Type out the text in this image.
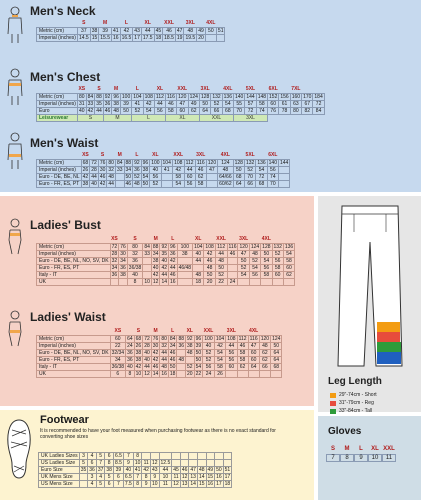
Men's Neck
	S		M		L		XL		XXL		3XL		4XL	
Metric (cm)	37	38	39	41	42	43	44	45	46	47	48	49	50	51
Imperial (inches)	14.5	15	15.5	16	16.5	17	17.5	18	18.5	19	19.5	20		
Men's Chest
	XS		S		M		L		XL		XXL		3XL		4XL		5XL		6XL		7XL		
Metric (cm)	80	84	88	92	96	100	104	108	112	116	120	124	128	132	136	140	144	148	152	156	160	170	184
Imperial (inches)	31	33	35	36	38	39	41	42	44	46	47	49	50	52	54	55	57	58	60	61	63	67	72
Euro	40	42	44	46	48	50	52	54	56	58	60	62	64	66	68	70	72	74	76	78	80	82	84
Leisurewear	S			M			L			XL			XXL			3XL							
Men's Waist
	XS		S		M		L		XL		XXL		3XL		4XL		5XL		6XL	
Metric (cm)	68	72	76	80	84	88	92	96	100	104	108	112	116	120	124	128	132	136	140	144
Imperial (inches)	26	28	30	32	33	34	36	38	40	41	42	44	46	47	48	50	52	54	56	
Euro - DE, BE, NL	42	44	46	48		50	52	54	56		58	60	62		64/66	68	70	72	74	
Euro - FR, ES, PT	38	40	42	44		46	48	50	52		54	56	58		60/62	64	66	68	70	
Ladies' Bust
	XS		S		M		L		XL		XXL		3XL		4XL		
Metric (cm)	72	76	80	84	88	92	96	100	104	108	112	116	120	124	128	132	136
Imperial (inches)	28	30	32	33	34	35	36	38	40	42	44	46	47	48	50	52	54
Euro - DE, BE, NL, NO, SV, DK	32	34	36		38	40	42		44	46	48		50	52	54	56	58
Euro - FR, ES, PT	34	36	36/38		40	42	44	46/48		48	50		52	54	56	58	60
Italy - IT	36	38	40		42	44	46		48	50	52		54	56	58	60	62
UK			8	10	12	14	16		18	20	22	24					
Ladies' Waist
	XS		S		M		L		XL		XXL		3XL		4XL		
Metric (cm)	60	64	68	72	76	80	84	88	92	96	100	104	108	112	116	120	124
Imperial (inches)	22	24	26	28	30	32	34	36	38	39	40	42	44	46	47	48	50
Euro - DE, BE, NL, NO, SV, DK	32/34	36	38	40	42	44	46		48	50	52	54	56	58	60	62	64
Euro - FR, ES, PT	34	36	38	40	42	44	46	48		50	52	54	56	58	60	62	64
Italy - IT	36/38	40	42	44	46	48	50		52	54	56	58	60	62	64	66	68
UK	6	8	10	12	14	16	18		20	22	24	26					
Footwear
It is recommended to have your foot measured when purchasing footwear as there is no exact standard for converting shoe sizes
UK Ladies Sizes	3	4	5	6	6.5	7	8										
US Ladies Size	5	6	7	8	8.5	9	10	11	12	12.5							
Euro Size	35	36	37	38	39	40	41	42	43	44	45	46	47	48	49	50	51
UK Mens Size		3	4	5	6	6.5	7	8	9	10	11	12	13	14	15	16	17
US Mens Size		4	5	6	7	7.5	8	9	10	11	12	13	14	15	16	17	18
Leg Length
29"-74cm - Short
31"-79cm - Reg
33"-84cm - Tall
Gloves
S	M	L	XL XXL
7	8	9	10	11
